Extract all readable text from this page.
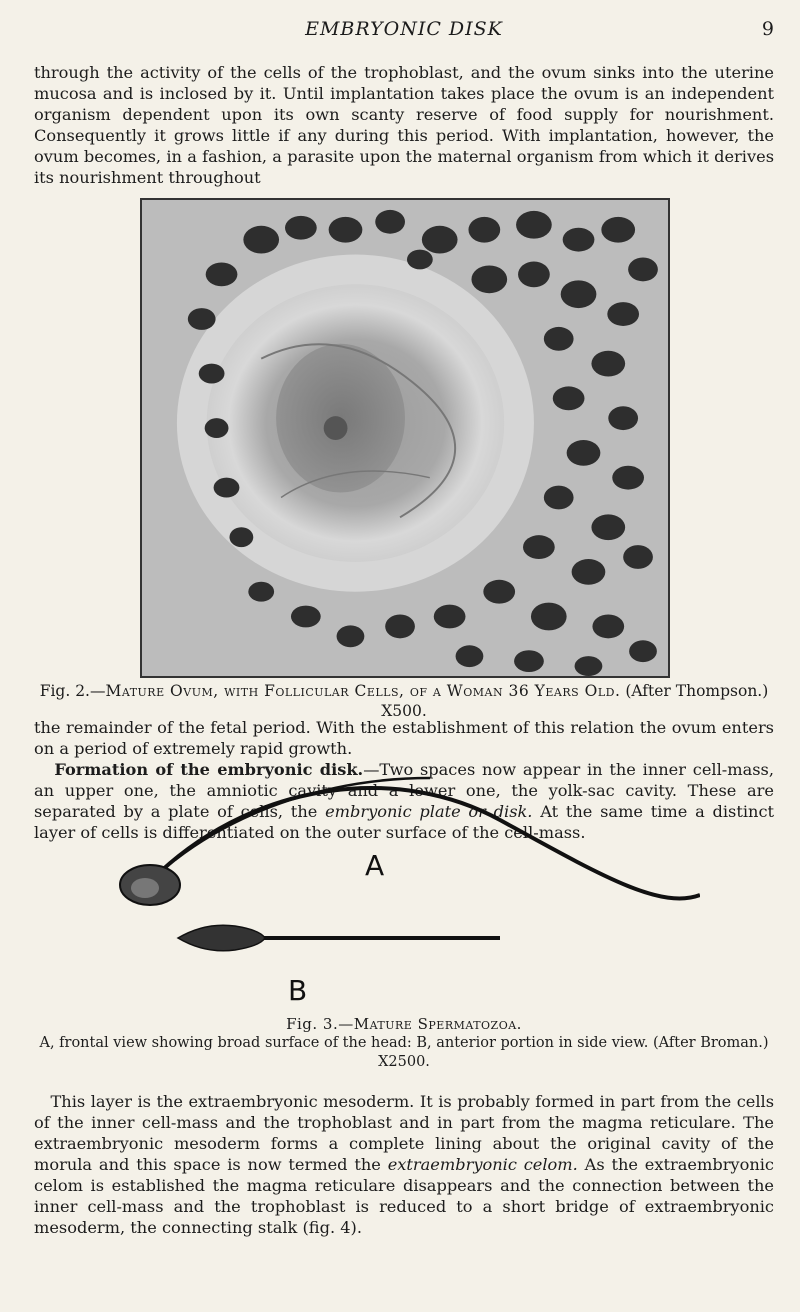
EMBRYONIC DISK	9

through the activity of the cells of the trophoblast, and the ovum sinks into the uterine mucosa and is inclosed by it. Until implantation takes place the ovum is an independent organism dependent upon its own scanty reserve of food supply for nourishment. Consequently it grows little if any during this period. With implantation, however, the ovum becomes, in a fashion, a parasite upon the maternal organism from which it derives its nourishment throughout

Fig. 2.—Mature Ovum, with Follicular Cells, of a Woman 36 Years Old. (After Thompson.) X500.

the remainder of the fetal period. With the establishment of this relation the ovum enters on a period of extremely rapid growth.
Formation of the embryonic disk.—Two spaces now appear in the inner cell-mass, an upper one, the amniotic cavity and a lower one, the yolk-sac cavity. These are separated by a plate of cells, the embryonic plate or disk. At the same time a distinct layer of cells is differentiated on the outer surface of the cell-mass.

A
B
Fig. 3.—Mature Spermatozoa.
A, frontal view showing broad surface of the head: B, anterior portion in side view. (After Broman.) X2500.

This layer is the extraembryonic mesoderm. It is probably formed in part from the cells of the inner cell-mass and the trophoblast and in part from the magma reticulare. The extraembryonic mesoderm forms a complete lining about the original cavity of the morula and this space is now termed the extraembryonic celom. As the extraembryonic celom is established the magma reticulare disappears and the connection between the inner cell-mass and the trophoblast is reduced to a short bridge of extraembryonic mesoderm, the connecting stalk (fig. 4).
